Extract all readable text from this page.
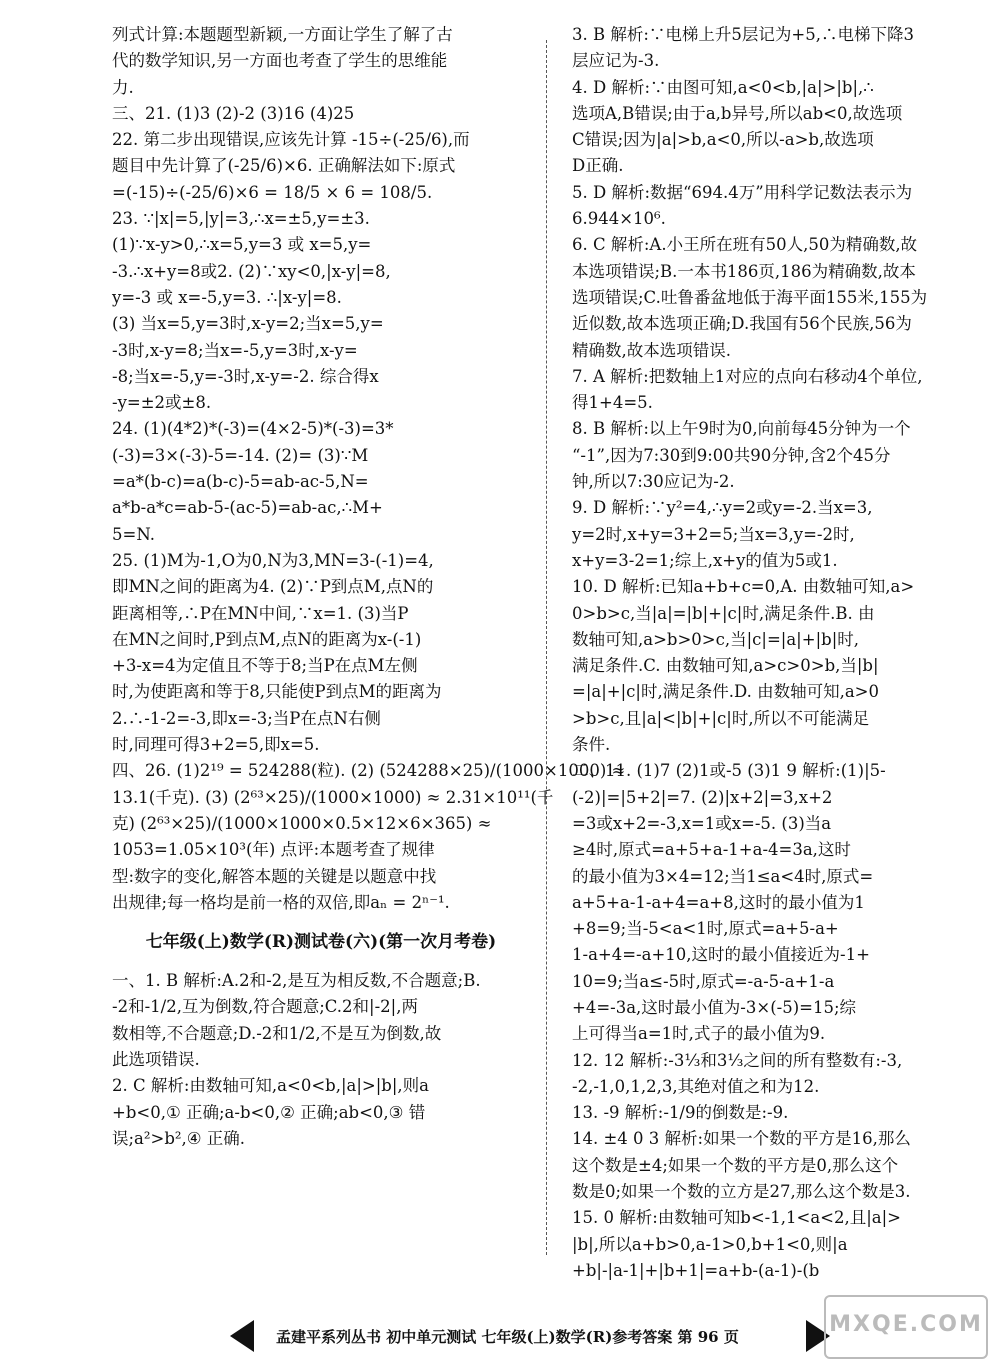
列式计算:本题题型新颖,一方面让学生了解了古
代的数学知识,另一方面也考查了学生的思维能
力.
三、21. (1)3 (2)-2 (3)16 (4)25
22. 第二步出现错误,应该先计算 -15÷(-25/6),而
题目中先计算了(-25/6)×6. 正确解法如下:原式
=(-15)÷(-25/6)×6 = 18/5 × 6 = 108/5.
23. ∵|x|=5,|y|=3,∴x=±5,y=±3.
(1)∵x-y>0,∴x=5,y=3 或 x=5,y=
-3.∴x+y=8或2. (2)∵xy<0,|x-y|=8,
y=-3 或 x=-5,y=3. ∴|x-y|=8.
(3) 当x=5,y=3时,x-y=2;当x=5,y=
-3时,x-y=8;当x=-5,y=3时,x-y=
-8;当x=-5,y=-3时,x-y=-2. 综合得x
-y=±2或±8.
24. (1)(4*2)*(-3)=(4×2-5)*(-3)=3*
(-3)=3×(-3)-5=-14. (2)= (3)∵M
=a*(b-c)=a(b-c)-5=ab-ac-5,N=
a*b-a*c=ab-5-(ac-5)=ab-ac,∴M+
5=N.
25. (1)M为-1,O为0,N为3,MN=3-(-1)=4,
即MN之间的距离为4. (2)∵P到点M,点N的
距离相等,∴P在MN中间,∵x=1. (3)当P
在MN之间时,P到点M,点N的距离为x-(-1)
+3-x=4为定值且不等于8;当P在点M左侧
时,为使距离和等于8,只能使P到点M的距离为
2.∴-1-2=-3,即x=-3;当P在点N右侧
时,同理可得3+2=5,即x=5.
四、26. (1)2¹⁹ = 524288(粒). (2) (524288×25)/(1000×1000) ≈
13.1(千克). (3) (2⁶³×25)/(1000×1000) ≈ 2.31×10¹¹(千
克) (2⁶³×25)/(1000×1000×0.5×12×6×365) ≈
1053=1.05×10³(年) 点评:本题考查了规律
型:数字的变化,解答本题的关键是以题意中找
出规律;每一格均是前一格的双倍,即aₙ = 2ⁿ⁻¹.
七年级(上)数学(R)测试卷(六)(第一次月考卷)
一、1. B 解析:A.2和-2,是互为相反数,不合题意;B.
-2和-1/2,互为倒数,符合题意;C.2和|-2|,两
数相等,不合题意;D.-2和1/2,不是互为倒数,故
此选项错误.
2. C 解析:由数轴可知,a<0<b,|a|>|b|,则a
+b<0,① 正确;a-b<0,② 正确;ab<0,③ 错
误;a²>b²,④ 正确.
3. B 解析:∵电梯上升5层记为+5,∴电梯下降3
层应记为-3.
4. D 解析:∵由图可知,a<0<b,|a|>|b|,∴
选项A,B错误;由于a,b异号,所以ab<0,故选项
C错误;因为|a|>b,a<0,所以-a>b,故选项
D正确.
5. D 解析:数据“694.4万”用科学记数法表示为
6.944×10⁶.
6. C 解析:A.小王所在班有50人,50为精确数,故
本选项错误;B.一本书186页,186为精确数,故本
选项错误;C.吐鲁番盆地低于海平面155米,155为
近似数,故本选项正确;D.我国有56个民族,56为
精确数,故本选项错误.
7. A 解析:把数轴上1对应的点向右移动4个单位,
得1+4=5.
8. B 解析:以上午9时为0,向前每45分钟为一个
“-1”,因为7:30到9:00共90分钟,含2个45分
钟,所以7:30应记为-2.
9. D 解析:∵y²=4,∴y=2或y=-2.当x=3,
y=2时,x+y=3+2=5;当x=3,y=-2时,
x+y=3-2=1;综上,x+y的值为5或1.
10. D 解析:已知a+b+c=0,A. 由数轴可知,a>
0>b>c,当|a|=|b|+|c|时,满足条件.B. 由
数轴可知,a>b>0>c,当|c|=|a|+|b|时,
满足条件.C. 由数轴可知,a>c>0>b,当|b|
=|a|+|c|时,满足条件.D. 由数轴可知,a>0
>b>c,且|a|<|b|+|c|时,所以不可能满足
条件.
二、11. (1)7 (2)1或-5 (3)1 9 解析:(1)|5-
(-2)|=|5+2|=7. (2)|x+2|=3,x+2
=3或x+2=-3,x=1或x=-5. (3)当a
≥4时,原式=a+5+a-1+a-4=3a,这时
的最小值为3×4=12;当1≤a<4时,原式=
a+5+a-1-a+4=a+8,这时的最小值为1
+8=9;当-5<a<1时,原式=a+5-a+
1-a+4=-a+10,这时的最小值接近为-1+
10=9;当a≤-5时,原式=-a-5-a+1-a
+4=-3a,这时最小值为-3×(-5)=15;综
上可得当a=1时,式子的最小值为9.
12. 12 解析:-3⅓和3⅓之间的所有整数有:-3,
-2,-1,0,1,2,3,其绝对值之和为12.
13. -9 解析:-1/9的倒数是:-9.
14. ±4 0 3 解析:如果一个数的平方是16,那么
这个数是±4;如果一个数的平方是0,那么这个
数是0;如果一个数的立方是27,那么这个数是3.
15. 0 解析:由数轴可知b<-1,1<a<2,且|a|>
|b|,所以a+b>0,a-1>0,b+1<0,则|a
+b|-|a-1|+|b+1|=a+b-(a-1)-(b
孟建平系列丛书 初中单元测试 七年级(上)数学(R)参考答案 第 96 页	MXQE.COM
